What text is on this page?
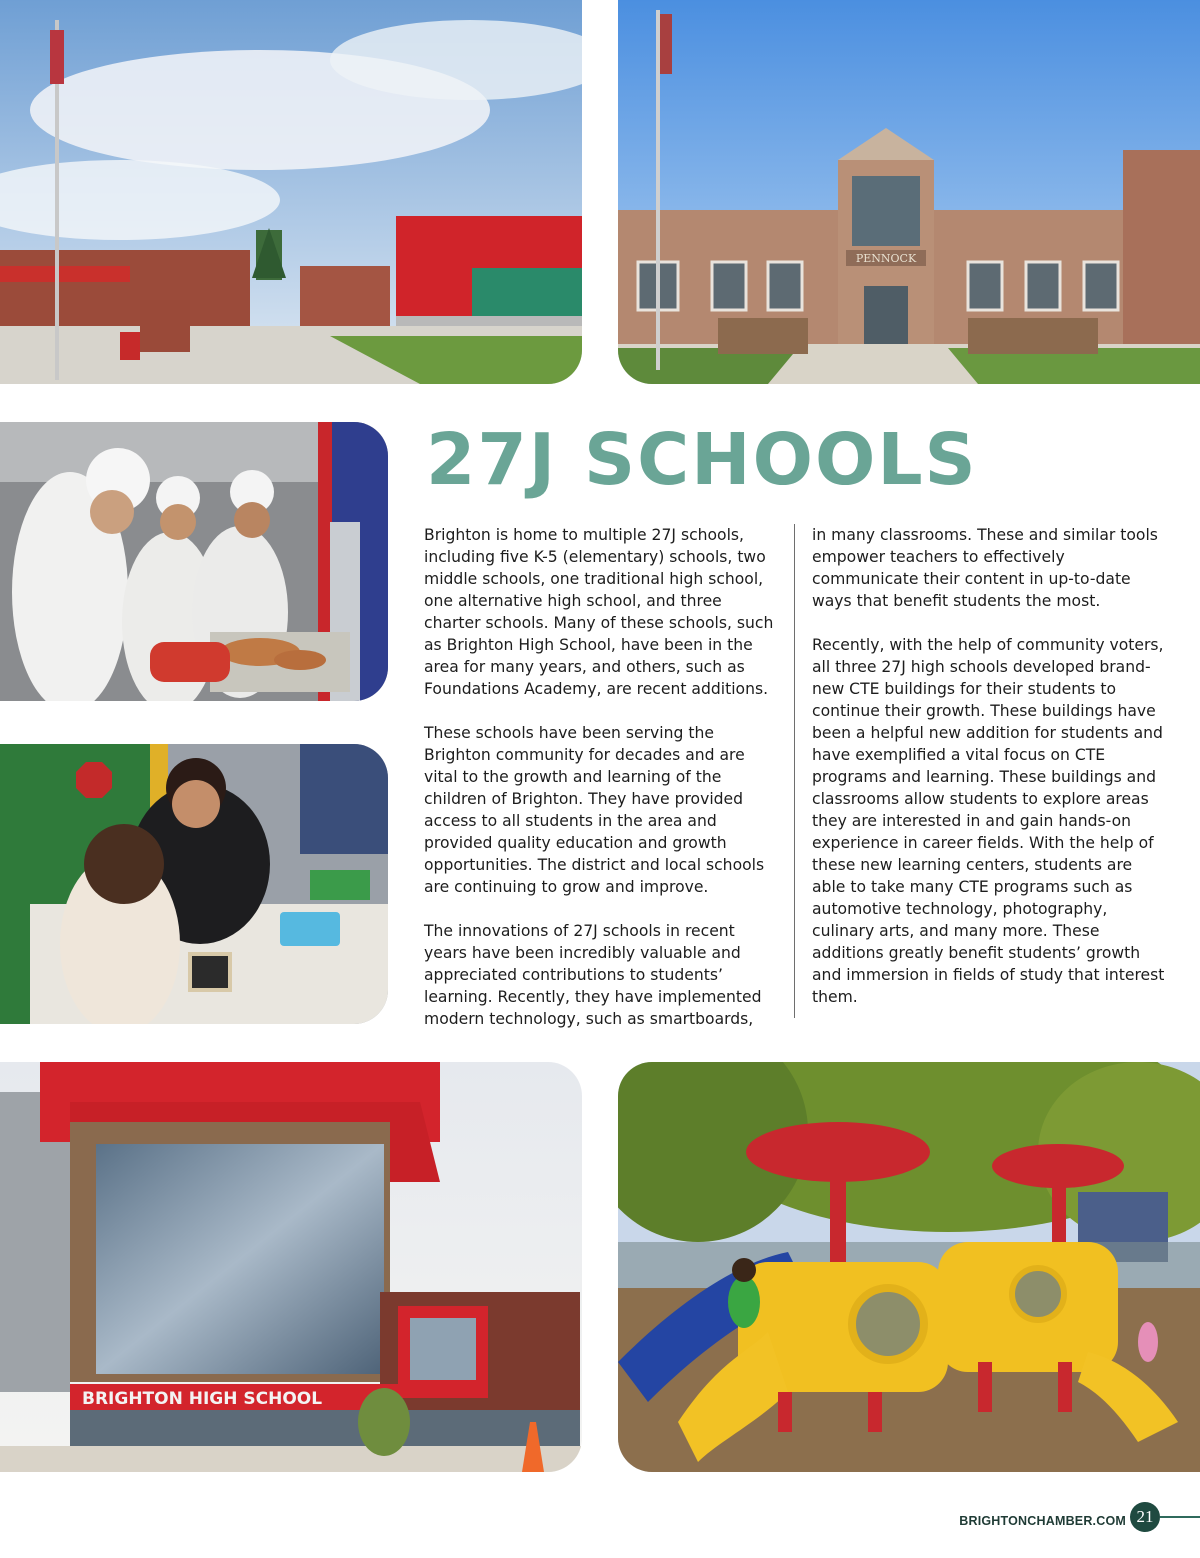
PENNOCK
27J SCHOOLS

Brighton is home to multiple 27J schools, including five K-5 (elementary) schools, two middle schools, one traditional high school, one alternative high school, and three charter schools. Many of these schools, such as Brighton High School, have been in the area for many years, and others, such as Foundations Academy, are recent additions.

These schools have been serving the Brighton community for decades and are vital to the growth and learning of the children of Brighton. They have provided access to all students in the area and provided quality education and growth opportunities. The district and local schools are continuing to grow and improve.

The innovations of 27J schools in recent years have been incredibly valuable and appreciated contributions to students’ learning. Recently, they have implemented modern technology, such as smartboards,

in many classrooms. These and similar tools empower teachers to effectively communicate their content in up-to-date ways that benefit students the most.

Recently, with the help of community voters, all three 27J high schools developed brand-new CTE buildings for their students to continue their growth. These buildings have been a helpful new addition for students and have exemplified a vital focus on CTE programs and learning. These buildings and classrooms allow students to explore areas they are interested in and gain hands-on experience in career fields. With the help of these new learning centers, students are able to take many CTE programs such as automotive technology, photography, culinary arts, and many more. These additions greatly benefit students’ growth and immersion in fields of study that interest them.

BRIGHTON HIGH SCHOOL
BRIGHTONCHAMBER.COM 21
